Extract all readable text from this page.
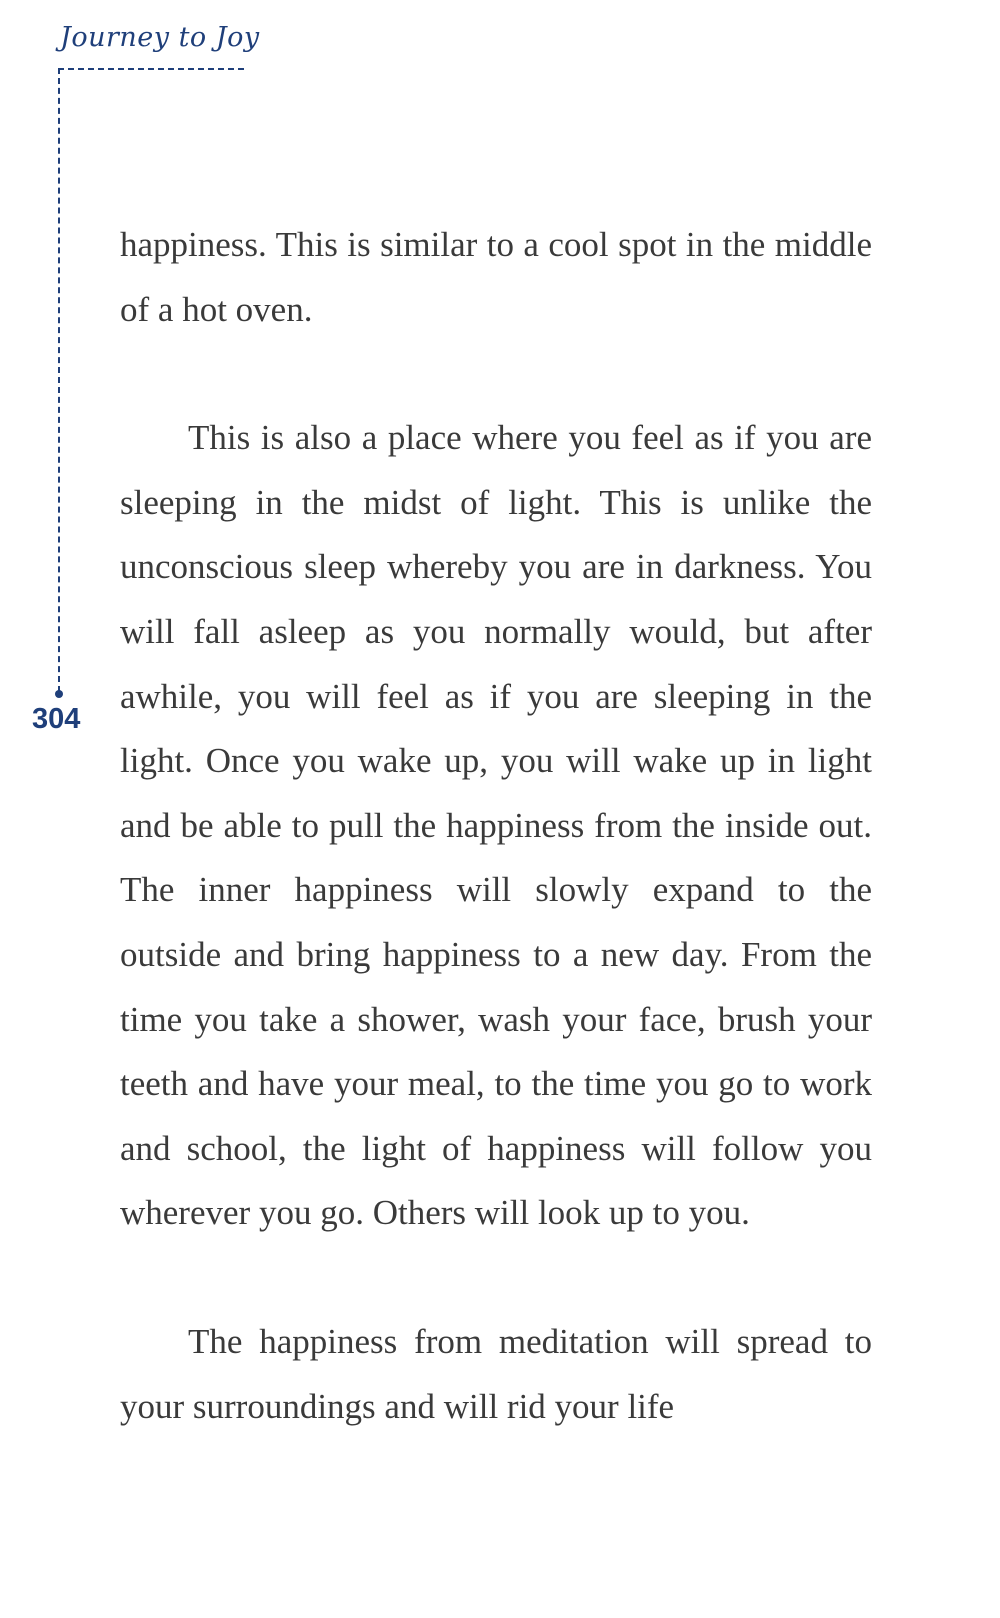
Journey to Joy
304

happiness. This is similar to a cool spot in the middle of a hot oven.

This is also a place where you feel as if you are sleeping in the midst of light. This is unlike the unconscious sleep whereby you are in darkness. You will fall asleep as you normally would, but after awhile, you will feel as if you are sleeping in the light. Once you wake up, you will wake up in light and be able to pull the happiness from the inside out. The inner happiness will slowly expand to the outside and bring happiness to a new day. From the time you take a shower, wash your face, brush your teeth and have your meal, to the time you go to work and school, the light of happiness will follow you wherever you go. Others will look up to you.

The happiness from meditation will spread to your surroundings and will rid your life
